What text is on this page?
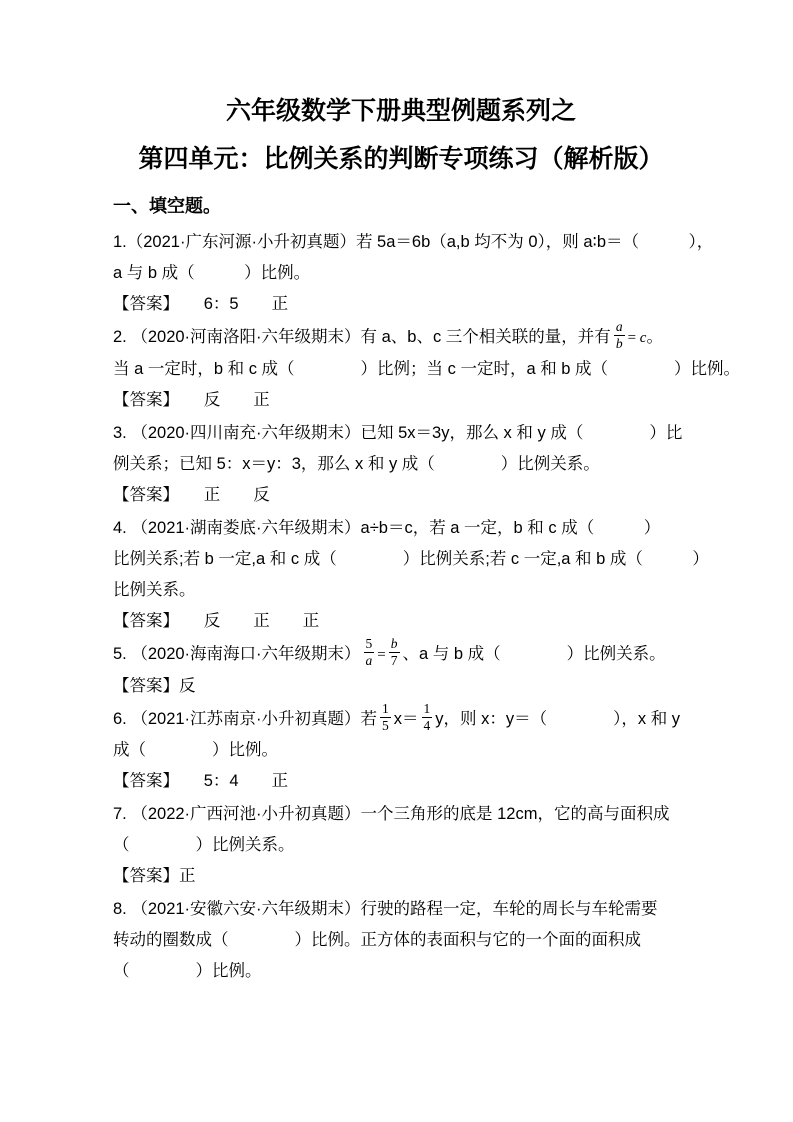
六年级数学下册典型例题系列之
第四单元：比例关系的判断专项练习（解析版）
一、填空题。
1.（2021·广东河源·小升初真题）若 5a＝6b（a,b 均不为 0），则 a∶b＝（　　　），
a 与 b 成（　　　）比例。
【答案】　　6：5　　正
2. （2020·河南洛阳·六年级期末）有 a、b、c 三个相关联的量，并有 $\frac{a}{b} = c$。
当 a 一定时，b 和 c 成（　　　　）比例；当 c 一定时，a 和 b 成（　　　　）比例。
【答案】　　反　　正
3. （2020·四川南充·六年级期末）已知 5x＝3y，那么 x 和 y 成（　　　　）比
例关系；已知 5：x＝y：3，那么 x 和 y 成（　　　　）比例关系。
【答案】　　正　　反
4. （2021·湖南娄底·六年级期末）a÷b＝c，若 a 一定，b 和 c 成（　　　）
比例关系;若 b 一定,a 和 c 成（　　　　）比例关系;若 c 一定,a 和 b 成（　　　）
比例关系。
【答案】　　反　　正　　正
5. （2020·海南海口·六年级期末） $\frac{5}{a} = \frac{b}{7}$ 、a 与 b 成（　　　　）比例关系。
【答案】反
6. （2021·江苏南京·小升初真题）若 $\frac{1}{5} x= \frac{1}{4}$ y，则 x：y＝（　　　　），x 和 y
成（　　　　）比例。
【答案】　　5：4　　正
7. （2022·广西河池·小升初真题）一个三角形的底是 12cm，它的高与面积成
（　　　　）比例关系。
【答案】正
8. （2021·安徽六安·六年级期末）行驶的路程一定，车轮的周长与车轮需要
转动的圈数成（　　　　）比例。正方体的表面积与它的一个面的面积成
（　　　　）比例。
